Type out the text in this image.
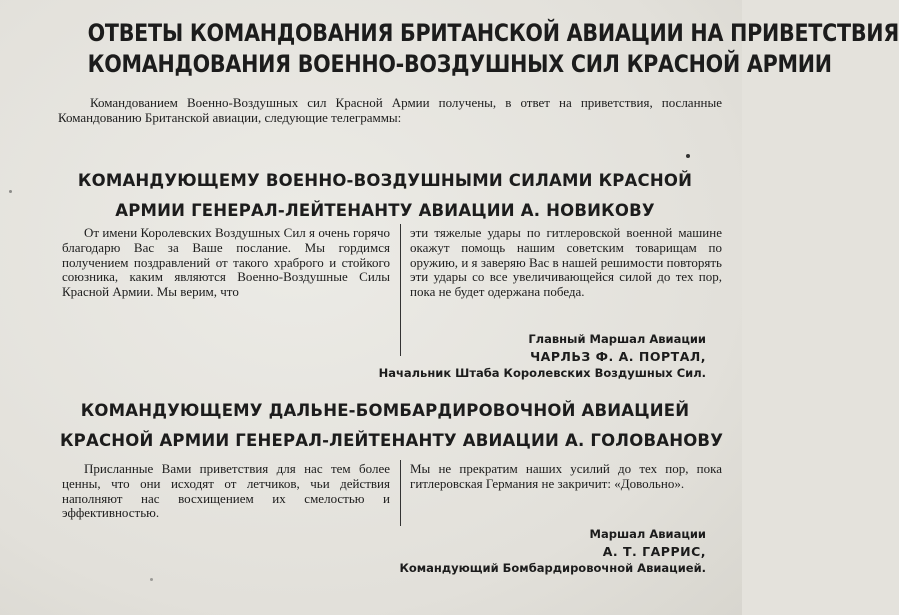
ОТВЕТЫ КОМАНДОВАНИЯ БРИТАНСКОЙ АВИАЦИИ НА ПРИВЕТСТВИЯ
КОМАНДОВАНИЯ ВОЕННО-ВОЗДУШНЫХ СИЛ КРАСНОЙ АРМИИ
Командованием Военно-Воздушных сил Красной Армии получены, в ответ на приветствия, посланные Командованию Британской авиации, следующие телеграммы:
КОМАНДУЮЩЕМУ ВОЕННО-ВОЗДУШНЫМИ СИЛАМИ КРАСНОЙ
АРМИИ ГЕНЕРАЛ-ЛЕЙТЕНАНТУ АВИАЦИИ А. НОВИКОВУ
От имени Королевских Воздушных Сил я очень горячо благодарю Вас за Ваше послание. Мы гордимся получением поздравлений от такого храброго и стойкого союзника, каким являются Военно-Воздушные Силы Красной Армии. Мы верим, что
эти тяжелые удары по гитлеровской военной машине окажут помощь нашим советским товарищам по оружию, и я заверяю Вас в нашей решимости повторять эти удары со все увеличивающейся силой до тех пор, пока не будет одержана победа.
Главный Маршал Авиации
ЧАРЛЬЗ Ф. А. ПОРТАЛ,
Начальник Штаба Королевских Воздушных Сил.
КОМАНДУЮЩЕМУ ДАЛЬНЕ-БОМБАРДИРОВОЧНОЙ АВИАЦИЕЙ
КРАСНОЙ АРМИИ ГЕНЕРАЛ-ЛЕЙТЕНАНТУ АВИАЦИИ А. ГОЛОВАНОВУ
Присланные Вами приветствия для нас тем более ценны, что они исходят от летчиков, чьи действия наполняют нас восхищением их смелостью и эффективностью.
Мы не прекратим наших усилий до тех пор, пока гитлеровская Германия не закричит: «Довольно».
Маршал Авиации
А. Т. ГАРРИС,
Командующий Бомбардировочной Авиацией.
